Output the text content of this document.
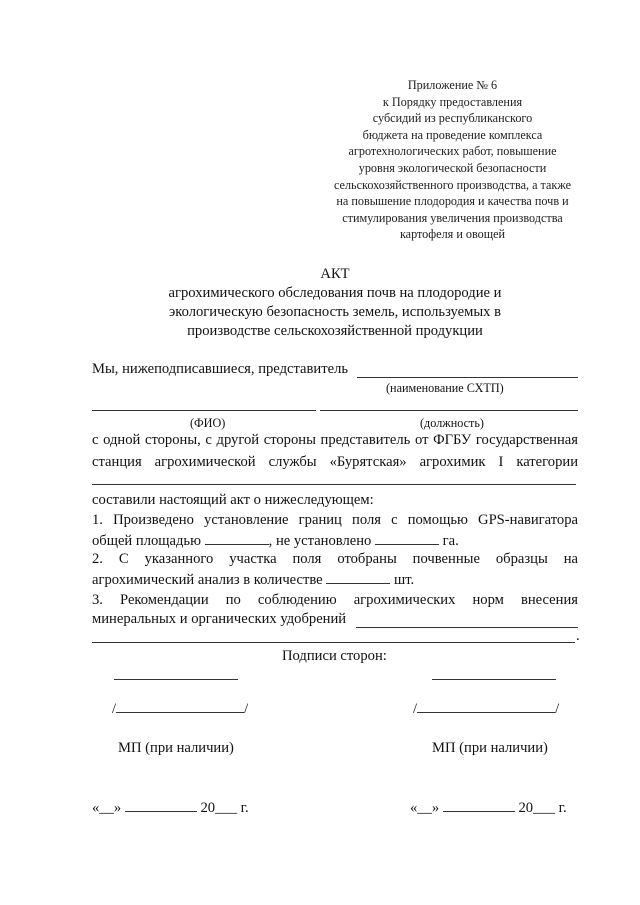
Приложение № 6
к Порядку предоставления
субсидий из республиканского
бюджета на проведение комплекса
агротехнологических работ, повышение
уровня экологической безопасности
сельскохозяйственного производства, а также
на повышение плодородия и качества почв и
стимулирования увеличения производства
картофеля и овощей
АКТ
агрохимического обследования почв на плодородие и
экологическую безопасность земель, используемых в
производстве сельскохозяйственной продукции
Мы, нижеподписавшиеся, представитель
(наименование СХТП)
(ФИО)	(должность)
с одной стороны, с другой стороны представитель от ФГБУ государственная
станция агрохимической службы «Бурятская» агрохимик I категории
составили настоящий акт о нижеследующем:
1. Произведено установление границ поля с помощью GPS-навигатора
общей площадью	, не установлено	га.
2. С указанного участка поля отобраны почвенные образцы на
агрохимический анализ в количестве	шт.
3. Рекомендации по соблюдению агрохимических норм внесения
минеральных и органических удобрений
.
Подписи сторон:
/	/	/	/
МП (при наличии)	МП (при наличии)
«__»	20___ г.	«__»	20___ г.
